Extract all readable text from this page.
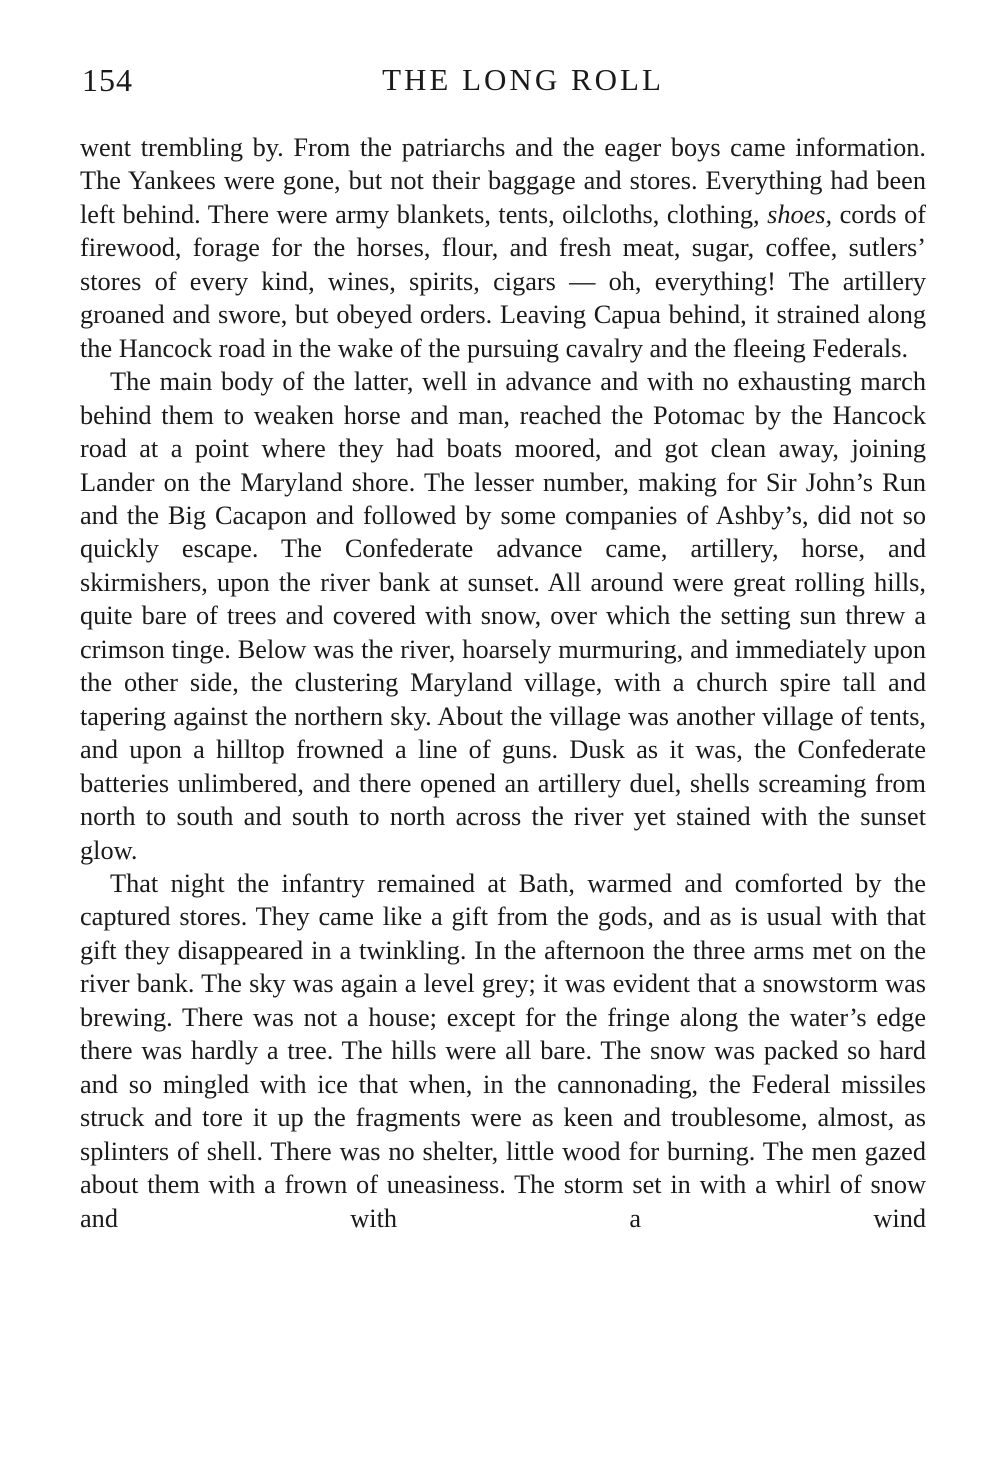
154	THE LONG ROLL

went trembling by. From the patriarchs and the eager boys came information. The Yankees were gone, but not their baggage and stores. Everything had been left behind. There were army blankets, tents, oilcloths, clothing, shoes, cords of firewood, forage for the horses, flour, and fresh meat, sugar, coffee, sutlers’ stores of every kind, wines, spirits, cigars — oh, everything! The artillery groaned and swore, but obeyed orders. Leaving Capua behind, it strained along the Hancock road in the wake of the pursuing cavalry and the fleeing Federals.

The main body of the latter, well in advance and with no exhausting march behind them to weaken horse and man, reached the Potomac by the Hancock road at a point where they had boats moored, and got clean away, joining Lander on the Maryland shore. The lesser number, making for Sir John’s Run and the Big Cacapon and followed by some companies of Ashby’s, did not so quickly escape. The Confederate advance came, artillery, horse, and skirmishers, upon the river bank at sunset. All around were great rolling hills, quite bare of trees and covered with snow, over which the setting sun threw a crimson tinge. Below was the river, hoarsely murmuring, and immediately upon the other side, the clustering Maryland village, with a church spire tall and tapering against the northern sky. About the village was another village of tents, and upon a hilltop frowned a line of guns. Dusk as it was, the Confederate batteries unlimbered, and there opened an artillery duel, shells screaming from north to south and south to north across the river yet stained with the sunset glow.

That night the infantry remained at Bath, warmed and comforted by the captured stores. They came like a gift from the gods, and as is usual with that gift they disappeared in a twinkling. In the afternoon the three arms met on the river bank. The sky was again a level grey; it was evident that a snowstorm was brewing. There was not a house; except for the fringe along the water’s edge there was hardly a tree. The hills were all bare. The snow was packed so hard and so mingled with ice that when, in the cannonading, the Federal missiles struck and tore it up the fragments were as keen and troublesome, almost, as splinters of shell. There was no shelter, little wood for burning. The men gazed about them with a frown of uneasiness. The storm set in with a whirl of snow and with a wind
